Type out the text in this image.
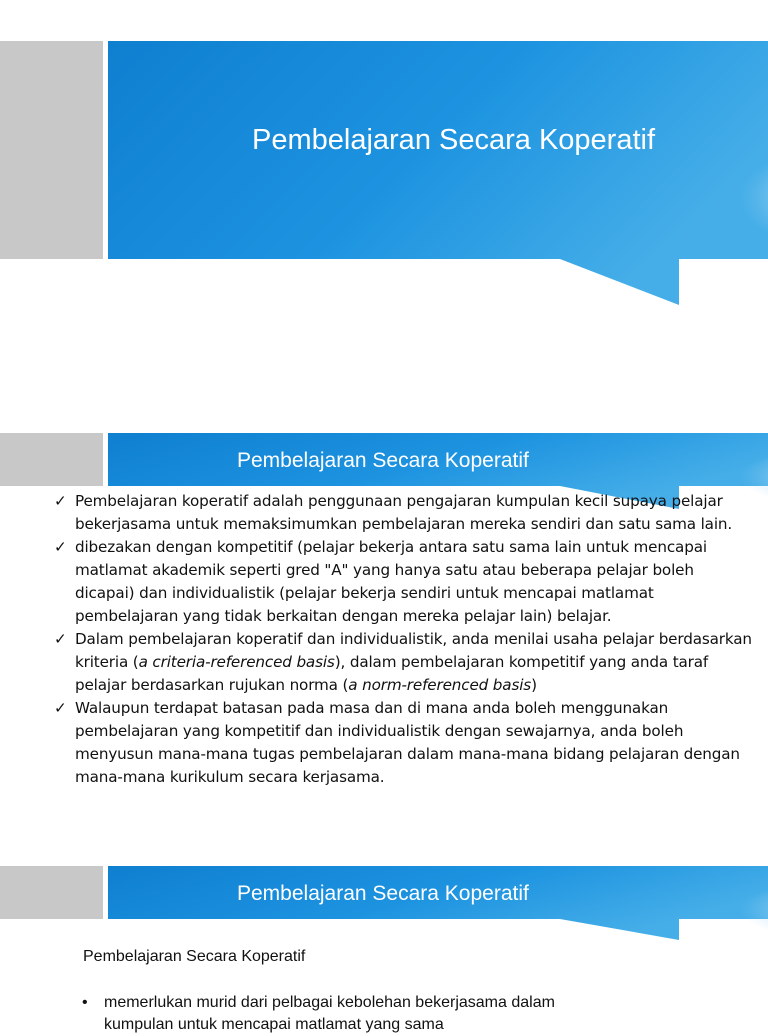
Pembelajaran Secara Koperatif
Pembelajaran Secara Koperatif
✓ Pembelajaran koperatif adalah penggunaan pengajaran kumpulan kecil supaya pelajar bekerjasama untuk memaksimumkan pembelajaran mereka sendiri dan satu sama lain.
✓ dibezakan dengan kompetitif (pelajar bekerja antara satu sama lain untuk mencapai matlamat akademik seperti gred "A" yang hanya satu atau beberapa pelajar boleh dicapai) dan individualistik (pelajar bekerja sendiri untuk mencapai matlamat pembelajaran yang tidak berkaitan dengan mereka pelajar lain) belajar.
✓ Dalam pembelajaran koperatif dan individualistik, anda menilai usaha pelajar berdasarkan kriteria (a criteria-referenced basis), dalam pembelajaran kompetitif yang anda taraf pelajar berdasarkan rujukan norma (a norm-referenced basis)
✓ Walaupun terdapat batasan pada masa dan di mana anda boleh menggunakan pembelajaran yang kompetitif dan individualistik dengan sewajarnya, anda boleh menyusun mana-mana tugas pembelajaran dalam mana-mana bidang pelajaran dengan mana-mana kurikulum secara kerjasama.
Pembelajaran Secara Koperatif
Pembelajaran Secara Koperatif
•	memerlukan murid dari pelbagai kebolehan bekerjasama dalam kumpulan untuk mencapai matlamat yang sama
